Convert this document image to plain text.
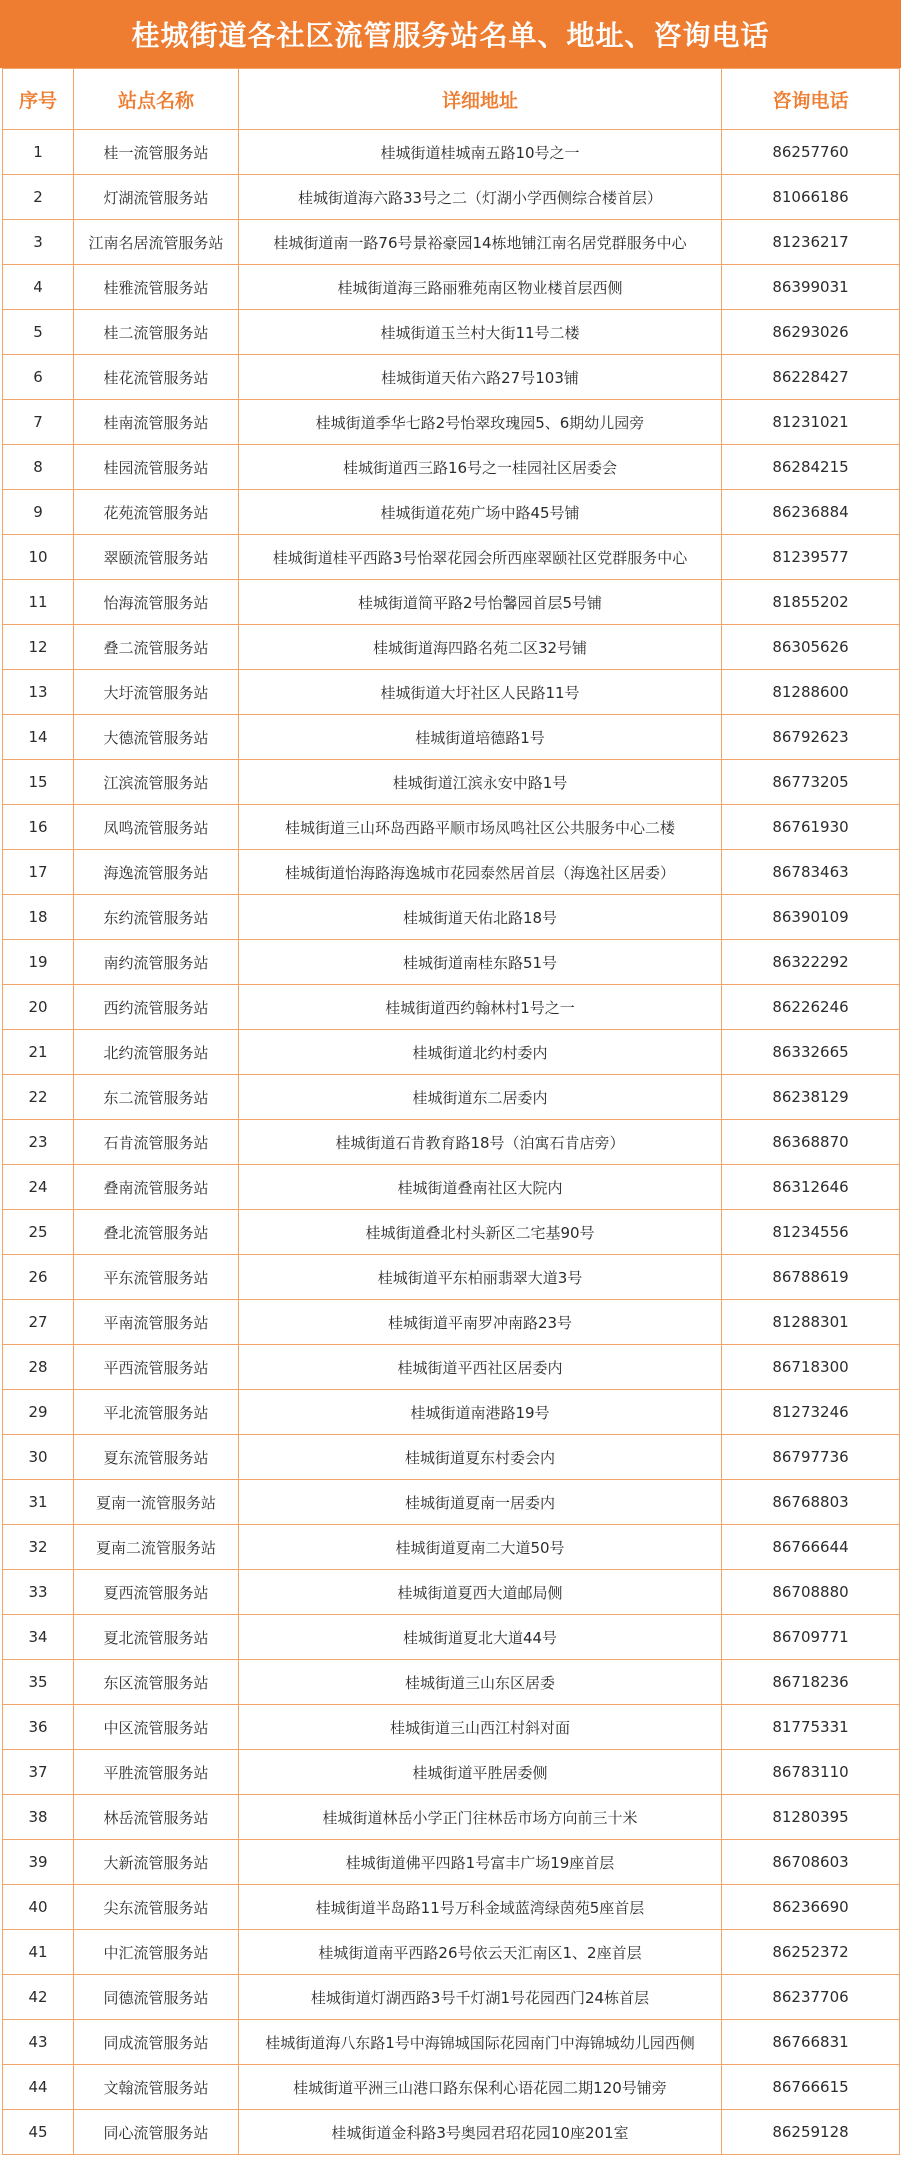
桂城街道各社区流管服务站名单、地址、咨询电话
序号	站点名称	详细地址	咨询电话
1	桂一流管服务站	桂城街道桂城南五路10号之一	86257760
2	灯湖流管服务站	桂城街道海六路33号之二（灯湖小学西侧综合楼首层）	81066186
3	江南名居流管服务站	桂城街道南一路76号景裕豪园14栋地铺江南名居党群服务中心	81236217
4	桂雅流管服务站	桂城街道海三路丽雅苑南区物业楼首层西侧	86399031
5	桂二流管服务站	桂城街道玉兰村大街11号二楼	86293026
6	桂花流管服务站	桂城街道天佑六路27号103铺	86228427
7	桂南流管服务站	桂城街道季华七路2号怡翠玫瑰园5、6期幼儿园旁	81231021
8	桂园流管服务站	桂城街道西三路16号之一桂园社区居委会	86284215
9	花苑流管服务站	桂城街道花苑广场中路45号铺	86236884
10	翠颐流管服务站	桂城街道桂平西路3号怡翠花园会所西座翠颐社区党群服务中心	81239577
11	怡海流管服务站	桂城街道简平路2号怡馨园首层5号铺	81855202
12	叠二流管服务站	桂城街道海四路名苑二区32号铺	86305626
13	大圩流管服务站	桂城街道大圩社区人民路11号	81288600
14	大德流管服务站	桂城街道培德路1号	86792623
15	江滨流管服务站	桂城街道江滨永安中路1号	86773205
16	凤鸣流管服务站	桂城街道三山环岛西路平顺市场凤鸣社区公共服务中心二楼	86761930
17	海逸流管服务站	桂城街道怡海路海逸城市花园泰然居首层（海逸社区居委）	86783463
18	东约流管服务站	桂城街道天佑北路18号	86390109
19	南约流管服务站	桂城街道南桂东路51号	86322292
20	西约流管服务站	桂城街道西约翰林村1号之一	86226246
21	北约流管服务站	桂城街道北约村委内	86332665
22	东二流管服务站	桂城街道东二居委内	86238129
23	石肯流管服务站	桂城街道石肯教育路18号（泊寓石肯店旁）	86368870
24	叠南流管服务站	桂城街道叠南社区大院内	86312646
25	叠北流管服务站	桂城街道叠北村头新区二宅基90号	81234556
26	平东流管服务站	桂城街道平东柏丽翡翠大道3号	86788619
27	平南流管服务站	桂城街道平南罗冲南路23号	81288301
28	平西流管服务站	桂城街道平西社区居委内	86718300
29	平北流管服务站	桂城街道南港路19号	81273246
30	夏东流管服务站	桂城街道夏东村委会内	86797736
31	夏南一流管服务站	桂城街道夏南一居委内	86768803
32	夏南二流管服务站	桂城街道夏南二大道50号	86766644
33	夏西流管服务站	桂城街道夏西大道邮局侧	86708880
34	夏北流管服务站	桂城街道夏北大道44号	86709771
35	东区流管服务站	桂城街道三山东区居委	86718236
36	中区流管服务站	桂城街道三山西江村斜对面	81775331
37	平胜流管服务站	桂城街道平胜居委侧	86783110
38	林岳流管服务站	桂城街道林岳小学正门往林岳市场方向前三十米	81280395
39	大新流管服务站	桂城街道佛平四路1号富丰广场19座首层	86708603
40	尖东流管服务站	桂城街道半岛路11号万科金域蓝湾绿茵苑5座首层	86236690
41	中汇流管服务站	桂城街道南平西路26号依云天汇南区1、2座首层	86252372
42	同德流管服务站	桂城街道灯湖西路3号千灯湖1号花园西门24栋首层	86237706
43	同成流管服务站	桂城街道海八东路1号中海锦城国际花园南门中海锦城幼儿园西侧	86766831
44	文翰流管服务站	桂城街道平洲三山港口路东保利心语花园二期120号铺旁	86766615
45	同心流管服务站	桂城街道金科路3号奥园君玿花园10座201室	86259128
